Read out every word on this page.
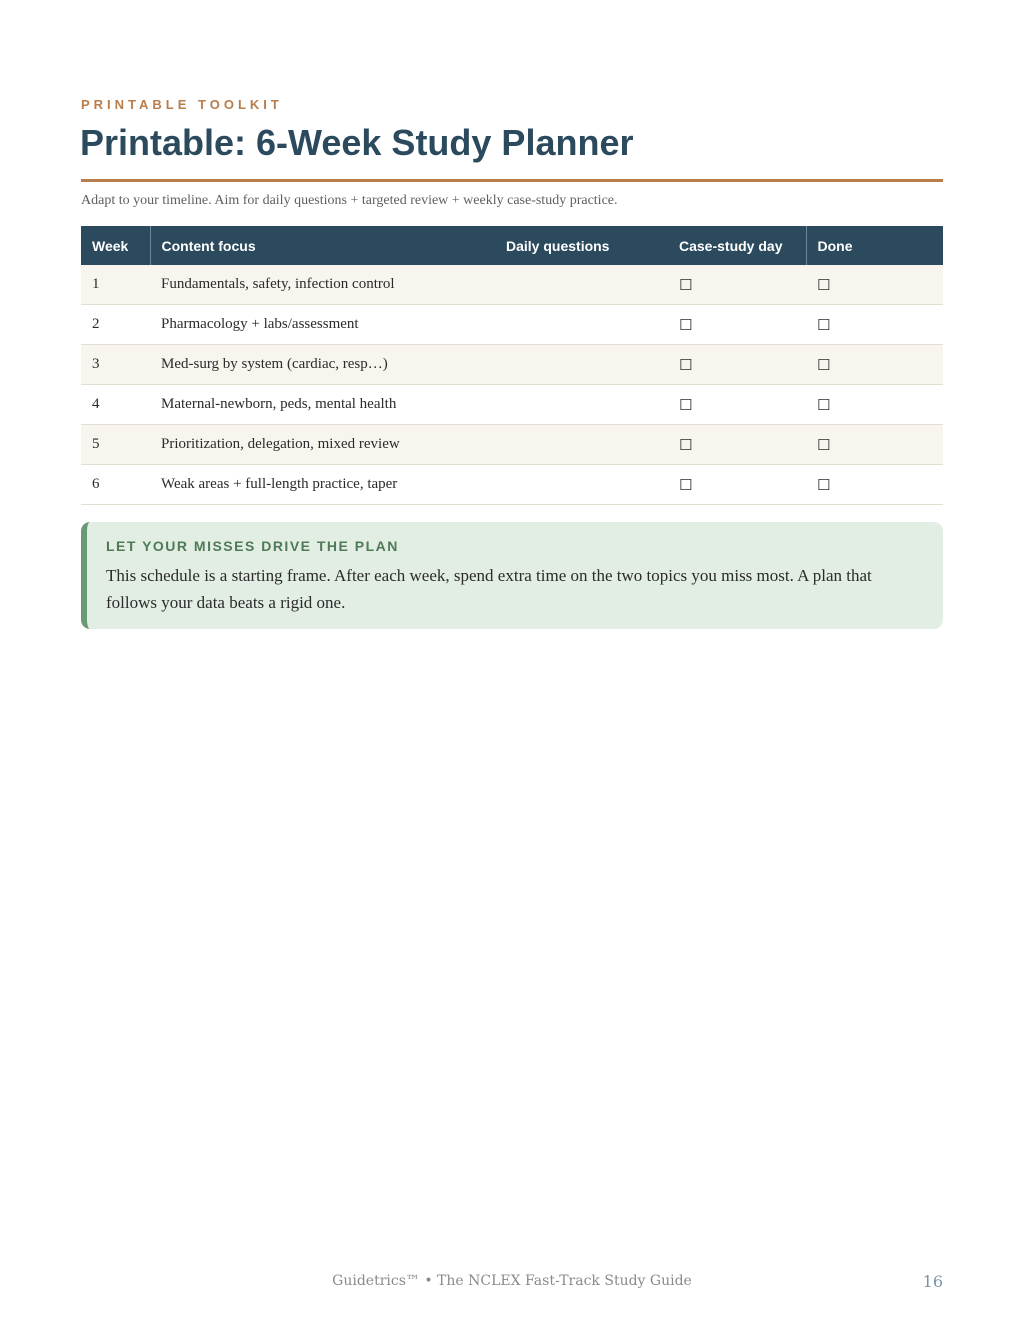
PRINTABLE TOOLKIT
Printable: 6-Week Study Planner
Adapt to your timeline. Aim for daily questions + targeted review + weekly case-study practice.
Week	Content focus	Daily questions	Case-study day	Done
1	Fundamentals, safety, infection control		☐	☐
2	Pharmacology + labs/assessment		☐	☐
3	Med-surg by system (cardiac, resp…)		☐	☐
4	Maternal-newborn, peds, mental health		☐	☐
5	Prioritization, delegation, mixed review		☐	☐
6	Weak areas + full-length practice, taper		☐	☐
LET YOUR MISSES DRIVE THE PLAN
This schedule is a starting frame. After each week, spend extra time on the two topics you miss most. A plan that follows your data beats a rigid one.
Guidetrics™ • The NCLEX Fast-Track Study Guide	16
